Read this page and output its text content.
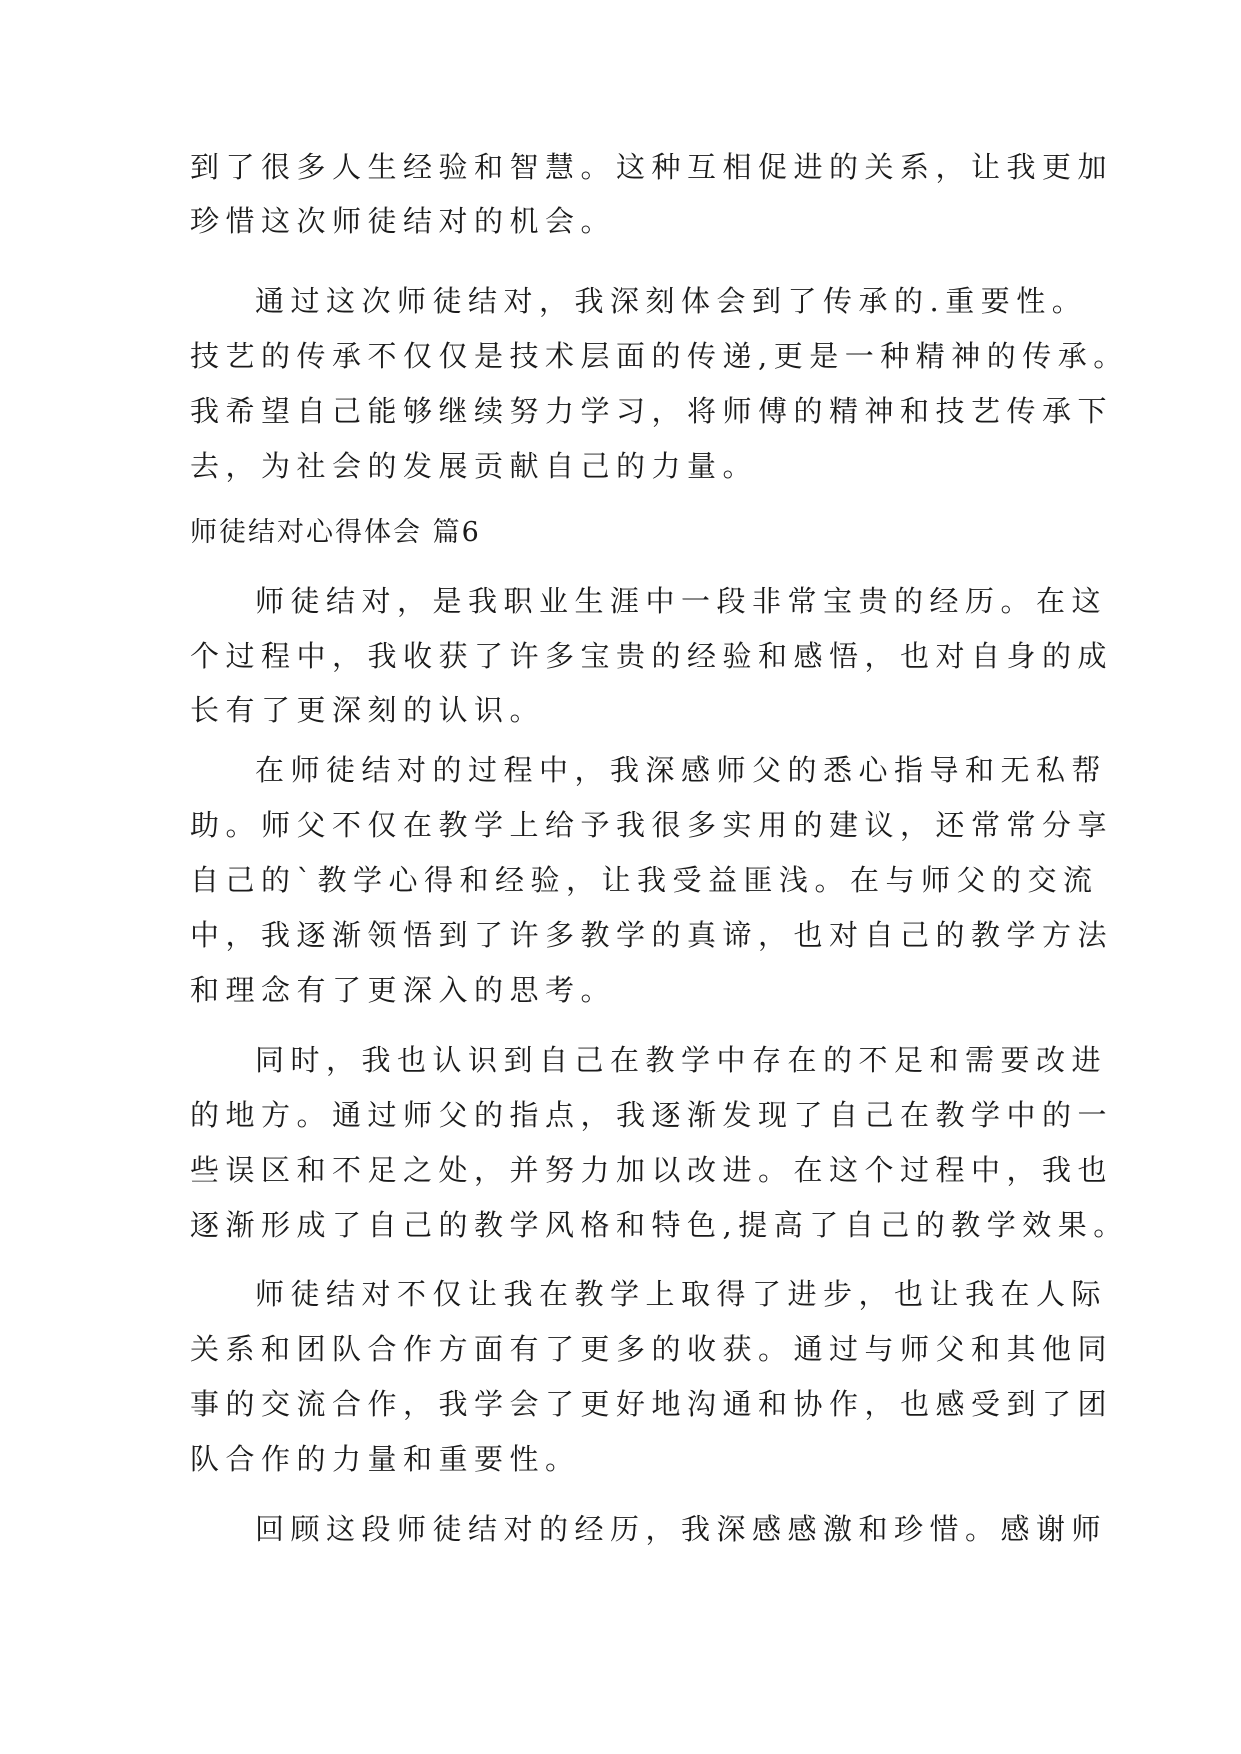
到了很多人生经验和智慧。这种互相促进的关系，让我更加

珍惜这次师徒结对的机会。

通过这次师徒结对，我深刻体会到了传承的.重要性。

技艺的传承不仅仅是技术层面的传递,更是一种精神的传承。

我希望自己能够继续努力学习，将师傅的精神和技艺传承下

去，为社会的发展贡献自己的力量。

师徒结对心得体会 篇6

师徒结对，是我职业生涯中一段非常宝贵的经历。在这

个过程中，我收获了许多宝贵的经验和感悟，也对自身的成

长有了更深刻的认识。

在师徒结对的过程中，我深感师父的悉心指导和无私帮

助。师父不仅在教学上给予我很多实用的建议，还常常分享

自己的`教学心得和经验，让我受益匪浅。在与师父的交流

中，我逐渐领悟到了许多教学的真谛，也对自己的教学方法

和理念有了更深入的思考。

同时，我也认识到自己在教学中存在的不足和需要改进

的地方。通过师父的指点，我逐渐发现了自己在教学中的一

些误区和不足之处，并努力加以改进。在这个过程中，我也

逐渐形成了自己的教学风格和特色,提高了自己的教学效果。

师徒结对不仅让我在教学上取得了进步，也让我在人际

关系和团队合作方面有了更多的收获。通过与师父和其他同

事的交流合作，我学会了更好地沟通和协作，也感受到了团

队合作的力量和重要性。

回顾这段师徒结对的经历，我深感感激和珍惜。感谢师
